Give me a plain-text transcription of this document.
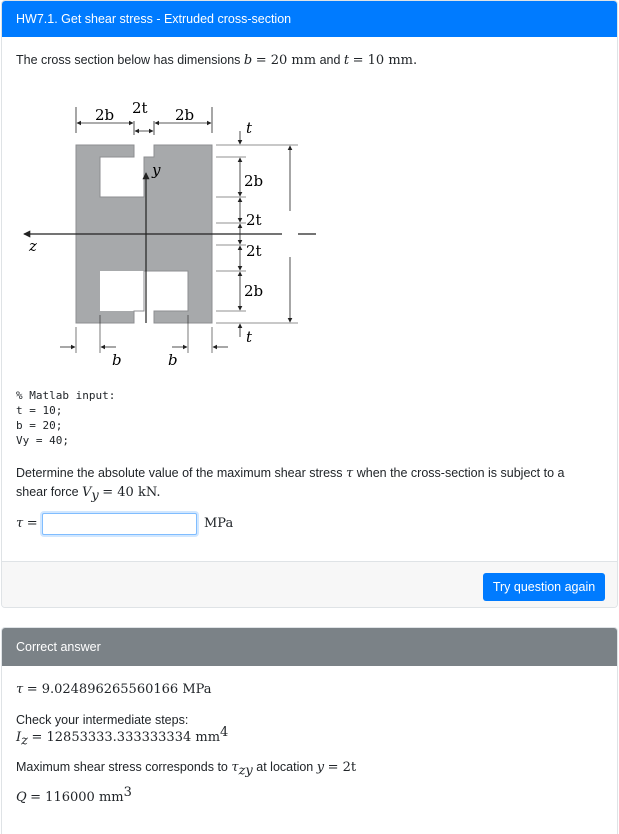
HW7.1. Get shear stress - Extruded cross-section
The cross section below has dimensions b = 20 mm and t = 10 mm.
z
y
2b 2t 2b
t
2b
2t
2t
2b
t
b	b
% Matlab input:
t = 10;
b = 20;
Vy = 40;
Determine the absolute value of the maximum shear stress τ when the cross-section is subject to a
shear force $V_y = 40$ kN.
τ =	MPa
Try question again
Correct answer
τ = 9.024896265560166 MPa
Check your intermediate steps:
$I_z = 12853333.333333334$ $mm^4$
Maximum shear stress corresponds to $\tau_{zy}$ at location y = 2t
Q = 116000 $mm^3$
